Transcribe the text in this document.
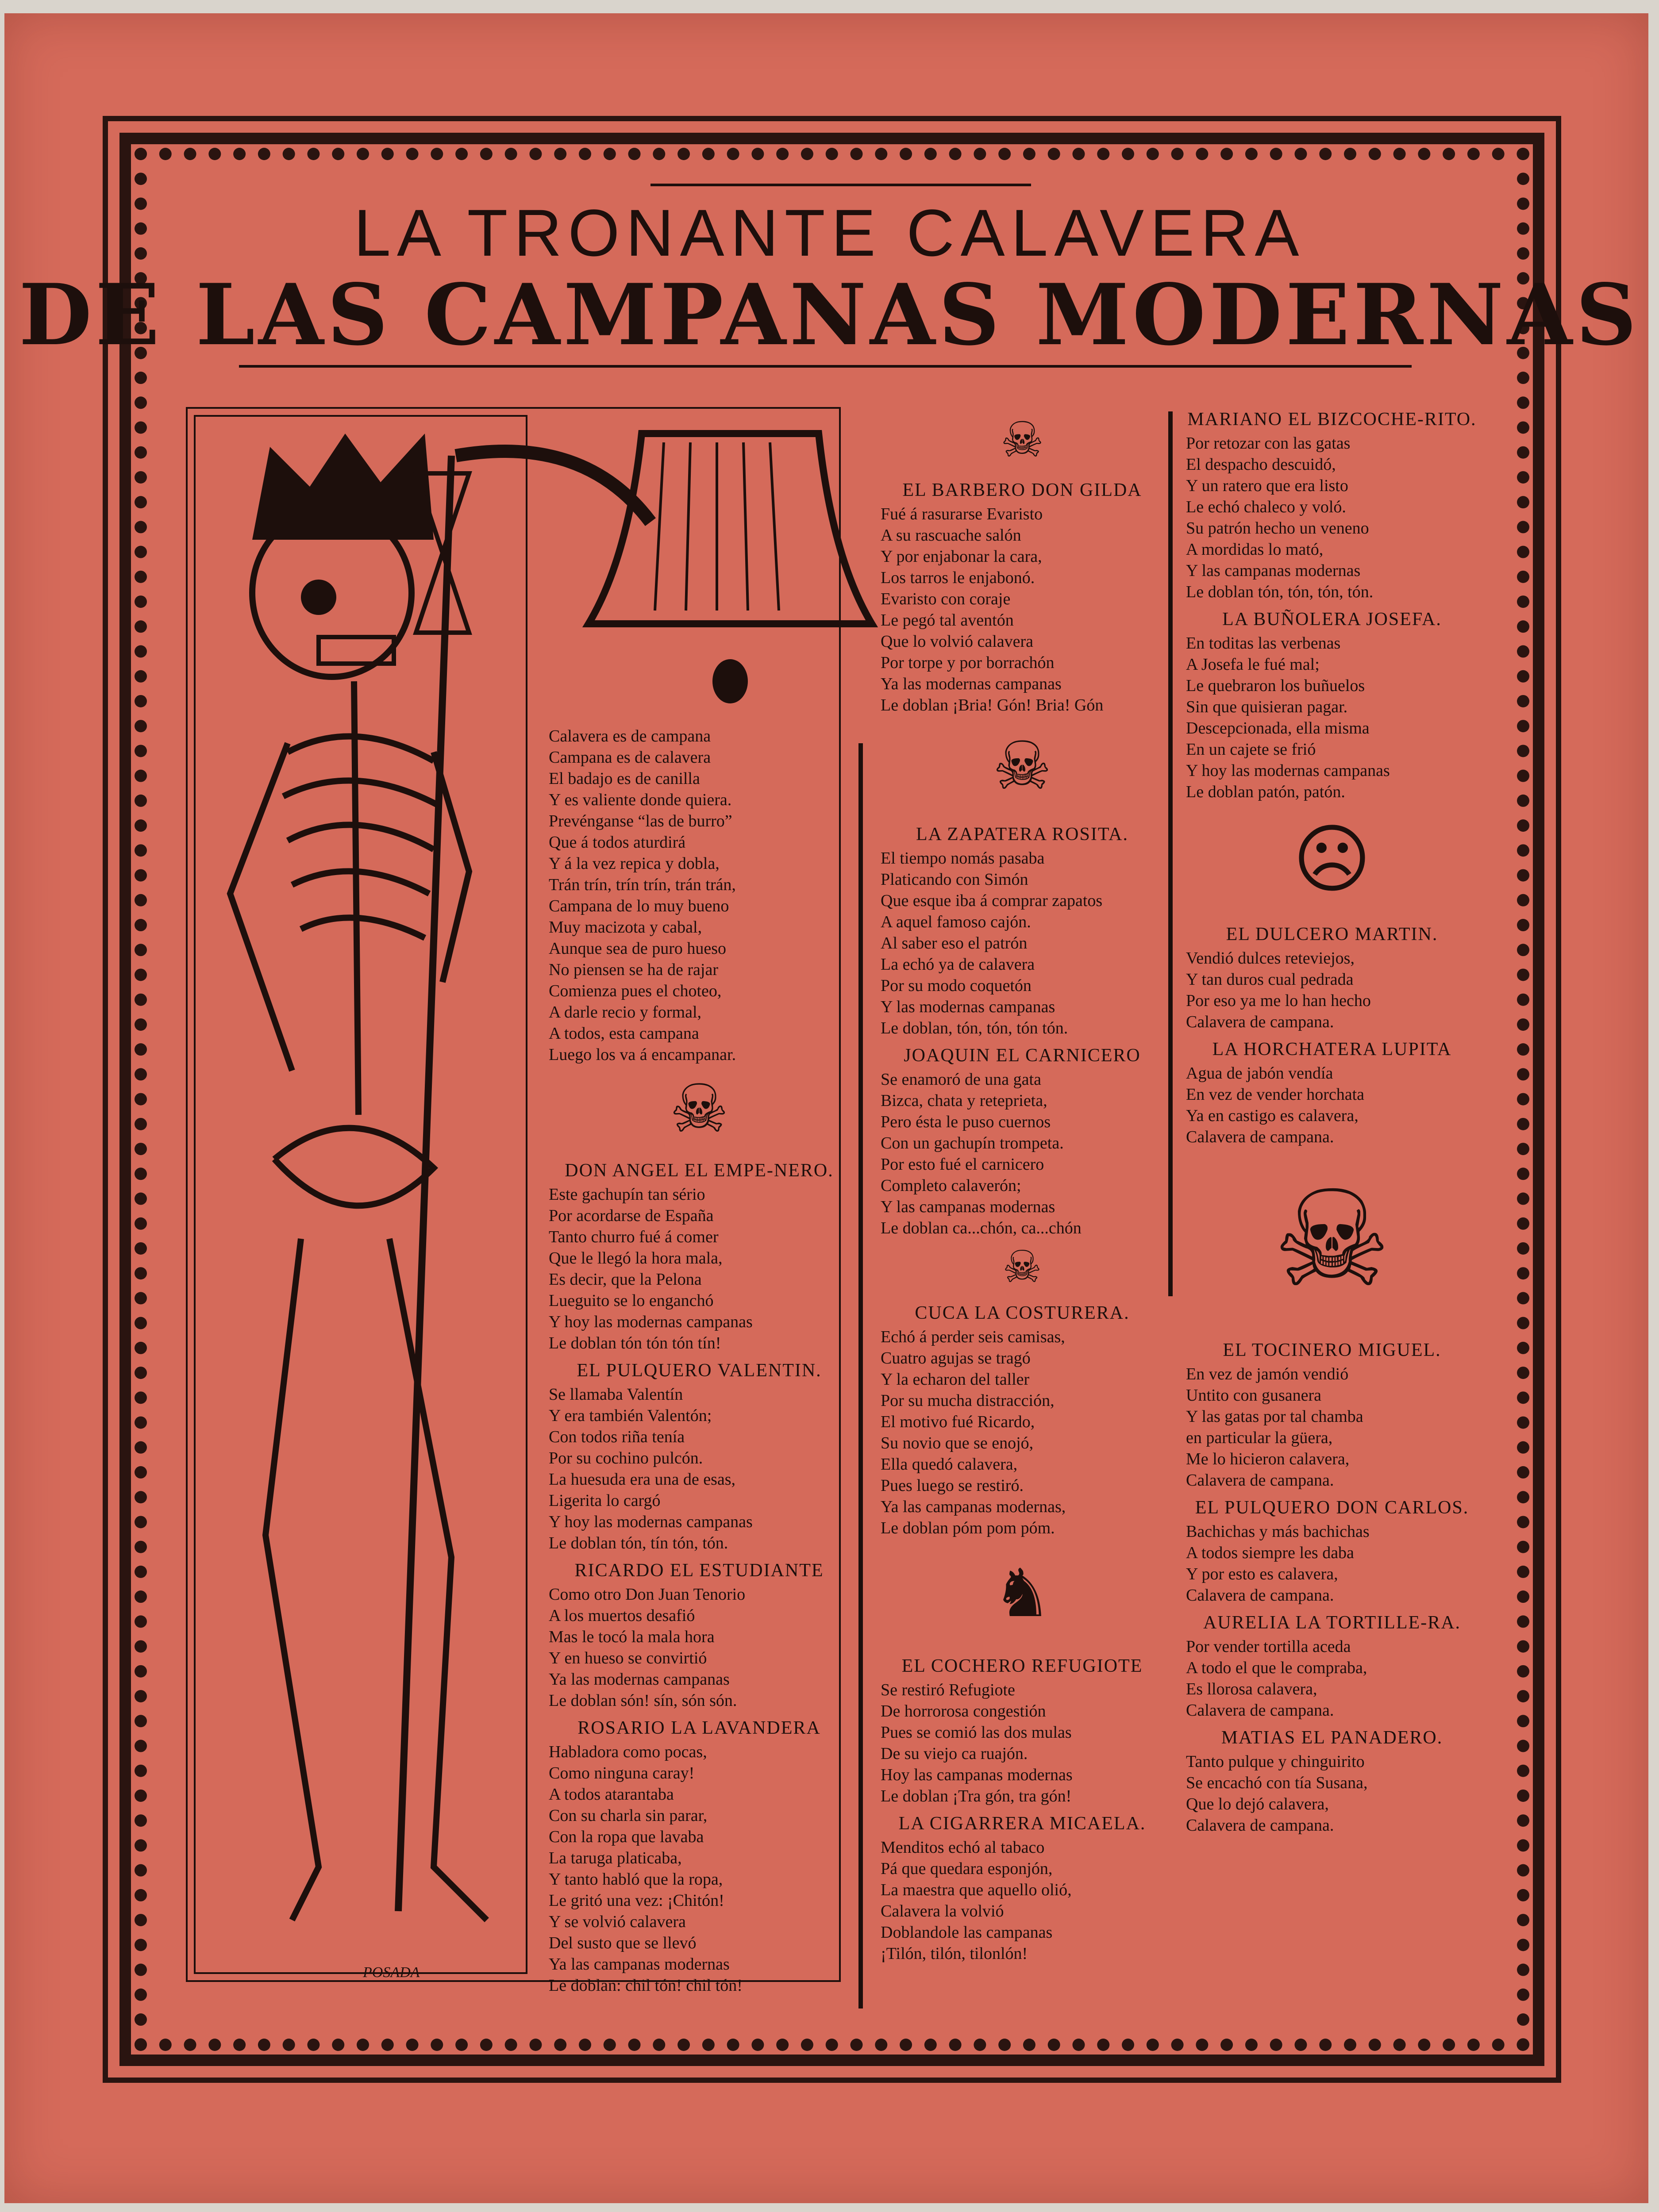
LA TRONANTE CALAVERA
DE LAS CAMPANAS MODERNAS
POSADA

Calavera es de campana

Campana es de calavera

El badajo es de canilla

Y es valiente donde quiera.

Prevénganse “las de burro”

Que á todos aturdirá

Y á la vez repica y dobla,

Trán trín, trín trín, trán trán,

Campana de lo muy bueno

Muy macizota y cabal,

Aunque sea de puro hueso

No piensen se ha de rajar

Comienza pues el choteo,

A darle recio y formal,

A todos, esta campana

Luego los va á encampanar.

☠

DON ANGEL EL EMPE-NERO.

Este gachupín tan sério

Por acordarse de España

Tanto churro fué á comer

Que le llegó la hora mala,

Es decir, que la Pelona

Lueguito se lo enganchó

Y hoy las modernas campanas

Le doblan tón tón tón tín!

EL PULQUERO VALENTIN.

Se llamaba Valentín

Y era también Valentón;

Con todos riña tenía

Por su cochino pulcón.

La huesuda era una de esas,

Ligerita lo cargó

Y hoy las modernas campanas

Le doblan tón, tín tón, tón.

RICARDO EL ESTUDIANTE

Como otro Don Juan Tenorio

A los muertos desafió

Mas le tocó la mala hora

Y en hueso se convirtió

Ya las modernas campanas

Le doblan són! sín, són són.

ROSARIO LA LAVANDERA

Habladora como pocas,

Como ninguna caray!

A todos atarantaba

Con su charla sin parar,

Con la ropa que lavaba

La taruga platicaba,

Y tanto habló que la ropa,

Le gritó una vez: ¡Chitón!

Y se volvió calavera

Del susto que se llevó

Ya las campanas modernas

Le doblan: chil tón! chil tón!

☠

EL BARBERO DON GILDA

Fué á rasurarse Evaristo

A su rascuache salón

Y por enjabonar la cara,

Los tarros le enjabonó.

Evaristo con coraje

Le pegó tal aventón

Que lo volvió calavera

Por torpe y por borrachón

Ya las modernas campanas

Le doblan ¡Bria! Gón! Bria! Gón

☠

LA ZAPATERA ROSITA.

El tiempo nomás pasaba

Platicando con Simón

Que esque iba á comprar zapatos

A aquel famoso cajón.

Al saber eso el patrón

La echó ya de calavera

Por su modo coquetón

Y las modernas campanas

Le doblan, tón, tón, tón tón.

JOAQUIN EL CARNICERO

Se enamoró de una gata

Bizca, chata y reteprieta,

Pero ésta le puso cuernos

Con un gachupín trompeta.

Por esto fué el carnicero

Completo calaverón;

Y las campanas modernas

Le doblan ca...chón, ca...chón

☠

CUCA LA COSTURERA.

Echó á perder seis camisas,

Cuatro agujas se tragó

Y la echaron del taller

Por su mucha distracción,

El motivo fué Ricardo,

Su novio que se enojó,

Ella quedó calavera,

Pues luego se restiró.

Ya las campanas modernas,

Le doblan póm pom póm.

♞

EL COCHERO REFUGIOTE

Se restiró Refugiote

De horrorosa congestión

Pues se comió las dos mulas

De su viejo ca ruajón.

Hoy las campanas modernas

Le doblan ¡Tra gón, tra gón!

LA CIGARRERA MICAELA.

Menditos echó al tabaco

Pá que quedara esponjón,

La maestra que aquello olió,

Calavera la volvió

Doblandole las campanas

¡Tilón, tilón, tilonlón!

MARIANO EL BIZCOCHE-RITO.

Por retozar con las gatas

El despacho descuidó,

Y un ratero que era listo

Le echó chaleco y voló.

Su patrón hecho un veneno

A mordidas lo mató,

Y las campanas modernas

Le doblan tón, tón, tón, tón.

LA BUÑOLERA JOSEFA.

En toditas las verbenas

A Josefa le fué mal;

Le quebraron los buñuelos

Sin que quisieran pagar.

Descepcionada, ella misma

En un cajete se frió

Y hoy las modernas campanas

Le doblan patón, patón.

☹

EL DULCERO MARTIN.

Vendió dulces reteviejos,

Y tan duros cual pedrada

Por eso ya me lo han hecho

Calavera de campana.

LA HORCHATERA LUPITA

Agua de jabón vendía

En vez de vender horchata

Ya en castigo es calavera,

Calavera de campana.

☠

EL TOCINERO MIGUEL.

En vez de jamón vendió

Untito con gusanera

Y las gatas por tal chamba

en particular la güera,

Me lo hicieron calavera,

Calavera de campana.

EL PULQUERO DON CARLOS.

Bachichas y más bachichas

A todos siempre les daba

Y por esto es calavera,

Calavera de campana.

AURELIA LA TORTILLE-RA.

Por vender tortilla aceda

A todo el que le compraba,

Es llorosa calavera,

Calavera de campana.

MATIAS EL PANADERO.

Tanto pulque y chinguirito

Se encachó con tía Susana,

Que lo dejó calavera,

Calavera de campana.
